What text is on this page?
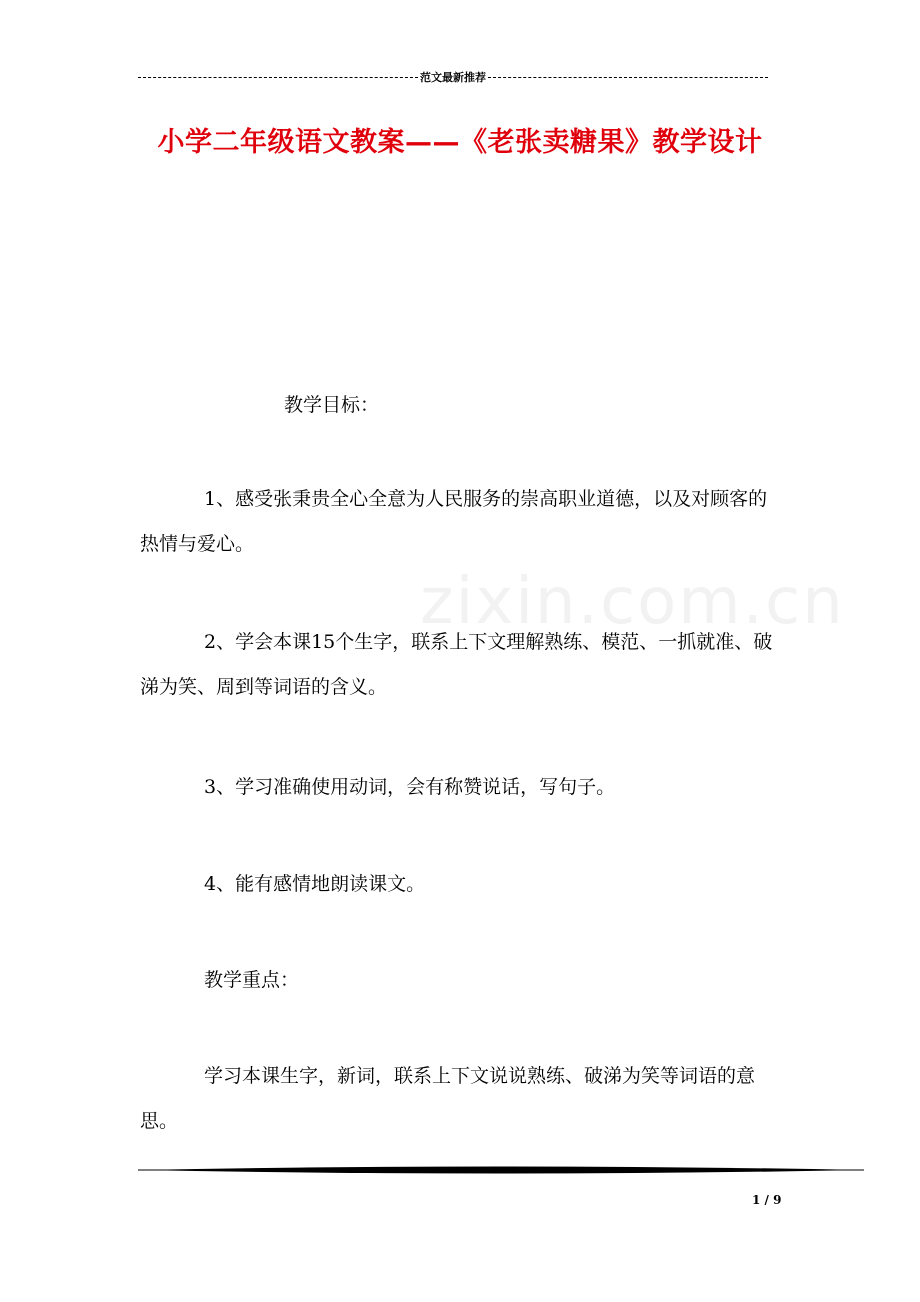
范文最新推荐
小学二年级语文教案——《老张卖糖果》教学设计
zixin.com.cn
教学目标：
1、感受张秉贵全心全意为人民服务的崇高职业道德，以及对顾客的热情与爱心。
2、学会本课15个生字，联系上下文理解熟练、模范、一抓就准、破涕为笑、周到等词语的含义。
3、学习准确使用动词，会有称赞说话，写句子。
4、能有感情地朗读课文。
教学重点：
学习本课生字，新词，联系上下文说说熟练、破涕为笑等词语的意思。
1 / 9
